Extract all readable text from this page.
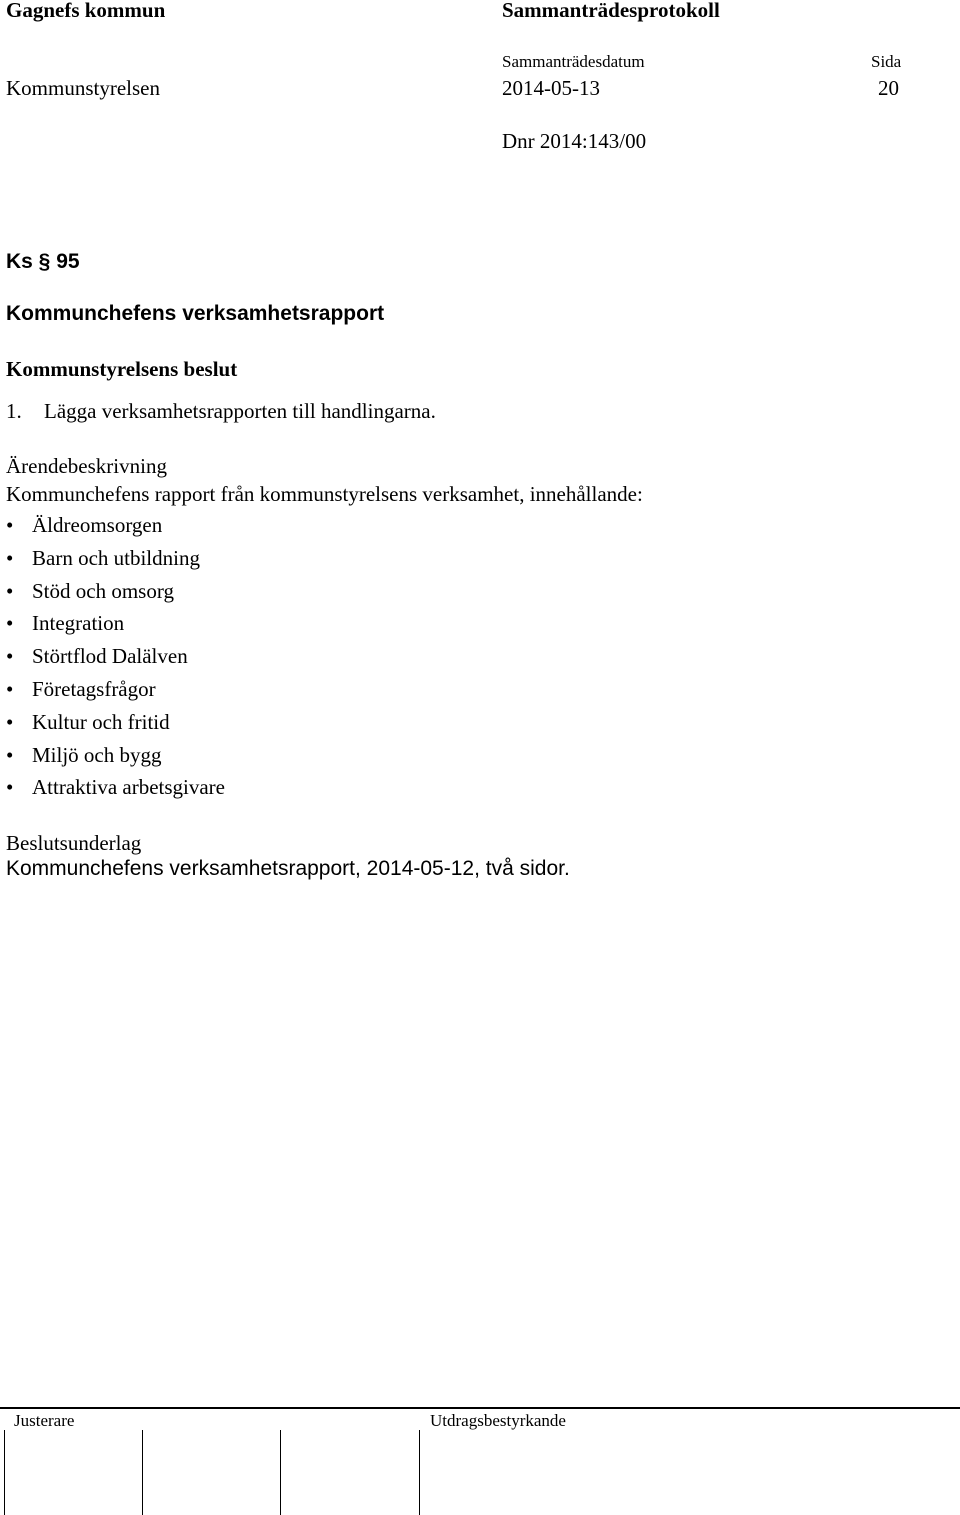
Gagnefs kommun	Sammanträdesprotokoll
Sammanträdesdatum	Sida
Kommunstyrelsen	2014-05-13	20
Dnr 2014:143/00
Ks § 95
Kommunchefens verksamhetsrapport
Kommunstyrelsens beslut
1. Lägga verksamhetsrapporten till handlingarna.
Ärendebeskrivning
Kommunchefens rapport från kommunstyrelsens verksamhet, innehållande:
• Äldreomsorgen
• Barn och utbildning
• Stöd och omsorg
• Integration
• Störtflod Dalälven
• Företagsfrågor
• Kultur och fritid
• Miljö och bygg
• Attraktiva arbetsgivare
Beslutsunderlag
Kommunchefens verksamhetsrapport, 2014-05-12, två sidor.
Justerare	Utdragsbestyrkande
